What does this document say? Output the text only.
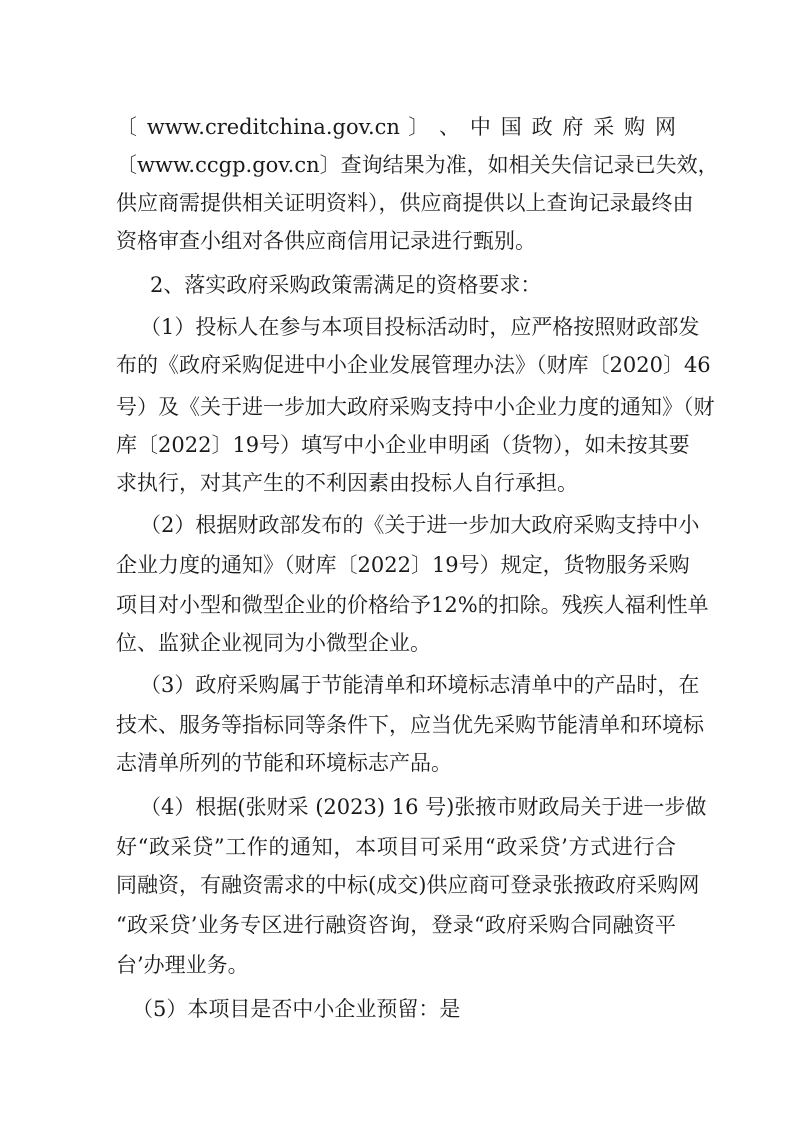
〔 www.creditchina.gov.cn 〕 、 中 国 政 府 采 购 网
〔www.ccgp.gov.cn〕查询结果为准，如相关失信记录已失效，
供应商需提供相关证明资料），供应商提供以上查询记录最终由
资格审查小组对各供应商信用记录进行甄别。
2、落实政府采购政策需满足的资格要求：
（1）投标人在参与本项目投标活动时，应严格按照财政部发
布的《政府采购促进中小企业发展管理办法》（财库〔2020〕46
号）及《关于进一步加大政府采购支持中小企业力度的通知》（财
库〔2022〕19号）填写中小企业申明函（货物），如未按其要
求执行，对其产生的不利因素由投标人自行承担。
（2）根据财政部发布的《关于进一步加大政府采购支持中小
企业力度的通知》（财库〔2022〕19号）规定，货物服务采购
项目对小型和微型企业的价格给予12%的扣除。残疾人福利性单
位、监狱企业视同为小微型企业。
（3）政府采购属于节能清单和环境标志清单中的产品时，在
技术、服务等指标同等条件下，应当优先采购节能清单和环境标
志清单所列的节能和环境标志产品。
（4）根据(张财采 (2023) 16 号)张掖市财政局关于进一步做
好“政采贷”工作的通知，本项目可采用“政采贷’方式进行合
同融资，有融资需求的中标(成交)供应商可登录张掖政府采购网
“政采贷’业务专区进行融资咨询，登录“政府采购合同融资平
台’办理业务。
（5）本项目是否中小企业预留：是
